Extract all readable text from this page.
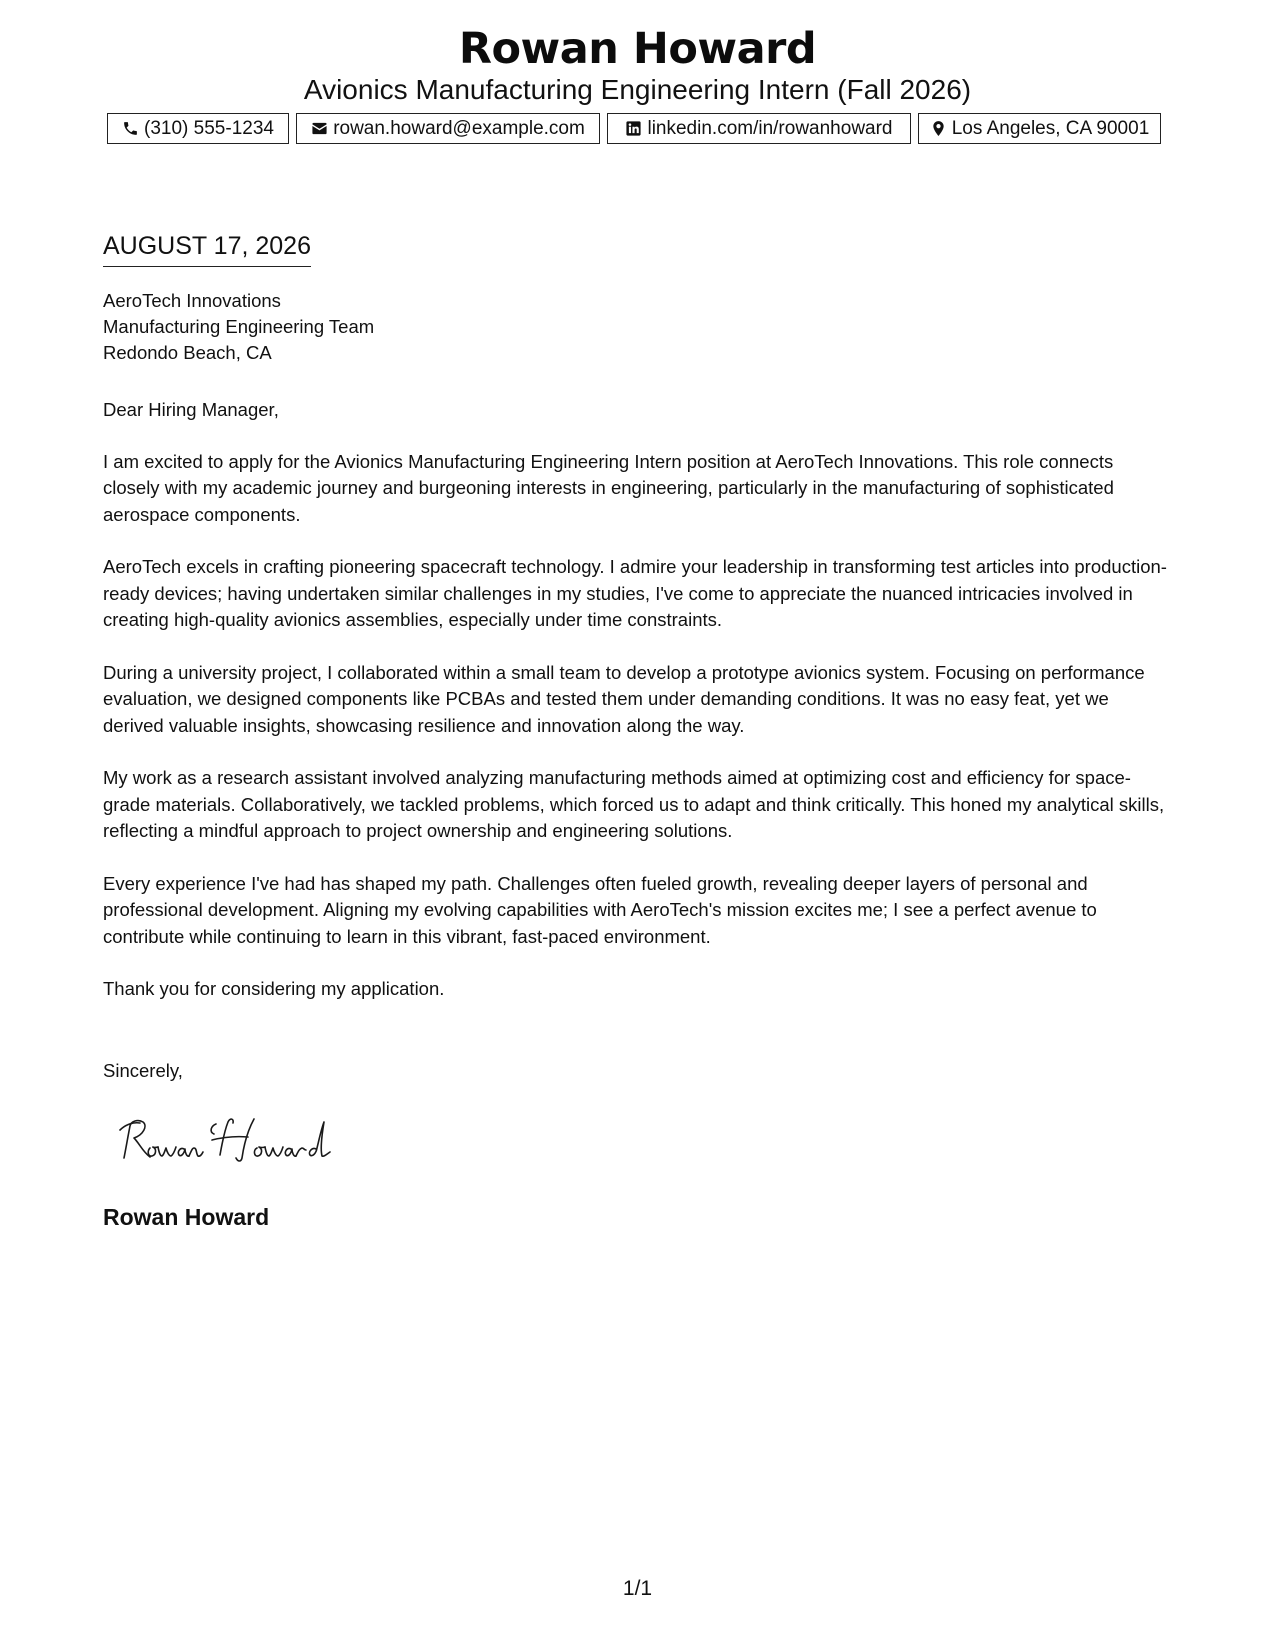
Rowan Howard
Avionics Manufacturing Engineering Intern (Fall 2026)
(310) 555-1234	rowan.howard@example.com	linkedin.com/in/rowanhoward	Los Angeles, CA 90001
AUGUST 17, 2026
AeroTech Innovations
Manufacturing Engineering Team
Redondo Beach, CA

Dear Hiring Manager,

I am excited to apply for the Avionics Manufacturing Engineering Intern position at AeroTech Innovations. This role connects closely with my academic journey and burgeoning interests in engineering, particularly in the manufacturing of sophisticated aerospace components.

AeroTech excels in crafting pioneering spacecraft technology. I admire your leadership in transforming test articles into production-ready devices; having undertaken similar challenges in my studies, I've come to appreciate the nuanced intricacies involved in creating high-quality avionics assemblies, especially under time constraints.

During a university project, I collaborated within a small team to develop a prototype avionics system. Focusing on performance evaluation, we designed components like PCBAs and tested them under demanding conditions. It was no easy feat, yet we derived valuable insights, showcasing resilience and innovation along the way.

My work as a research assistant involved analyzing manufacturing methods aimed at optimizing cost and efficiency for space-grade materials. Collaboratively, we tackled problems, which forced us to adapt and think critically. This honed my analytical skills, reflecting a mindful approach to project ownership and engineering solutions.

Every experience I've had has shaped my path. Challenges often fueled growth, revealing deeper layers of personal and professional development. Aligning my evolving capabilities with AeroTech's mission excites me; I see a perfect avenue to contribute while continuing to learn in this vibrant, fast-paced environment.

Thank you for considering my application.

Sincerely,
Rowan Howard
1/1
